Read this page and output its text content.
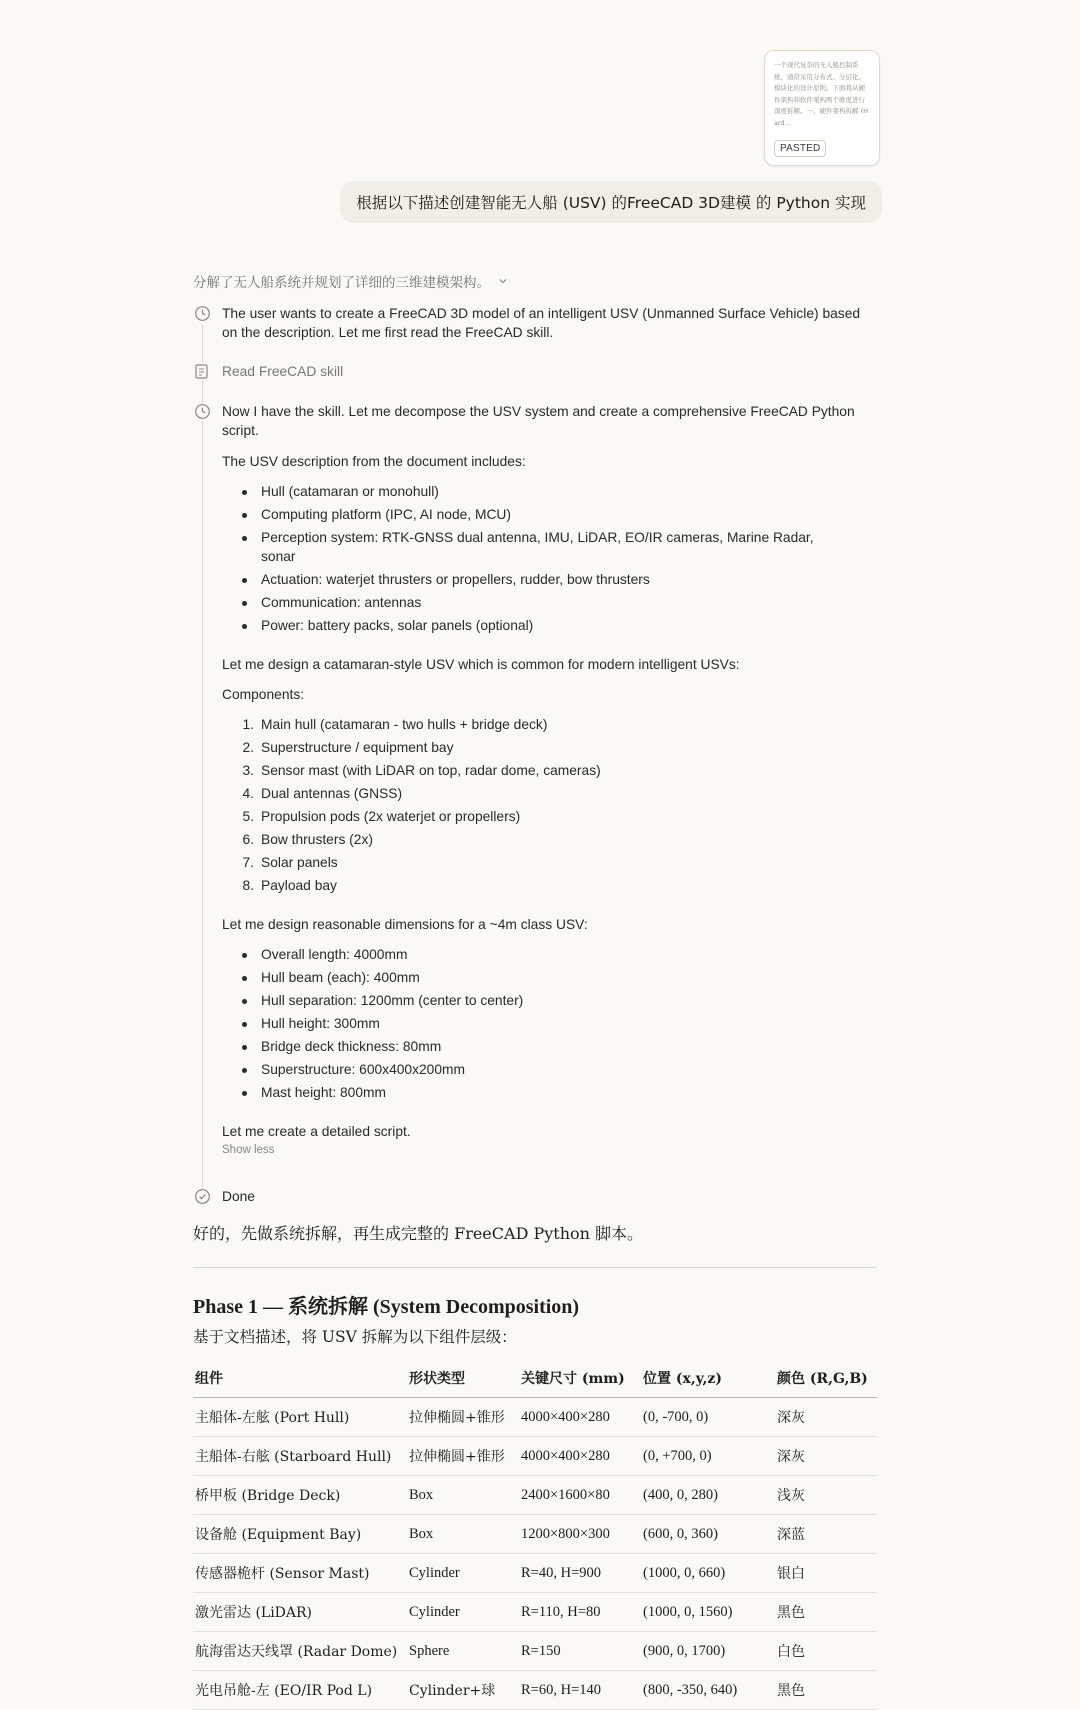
一个现代复杂的无人船控制系统，通常采用分布式、分层化、模块化的设计原则。下面将从硬件架构和软件架构两个维度进行深度拆解。一、硬件架构拆解 (Hard...
PASTED
根据以下描述创建智能无人船 (USV) 的FreeCAD 3D建模 的 Python 实现
分解了无人船系统并规划了详细的三维建模架构。
The user wants to create a FreeCAD 3D model of an intelligent USV (Unmanned Surface Vehicle) based on the description. Let me first read the FreeCAD skill.
Read FreeCAD skill

Now I have the skill. Let me decompose the USV system and create a comprehensive FreeCAD Python script.

The USV description from the document includes:

Hull (catamaran or monohull)
Computing platform (IPC, AI node, MCU)
Perception system: RTK-GNSS dual antenna, IMU, LiDAR, EO/IR cameras, Marine Radar, sonar
Actuation: waterjet thrusters or propellers, rudder, bow thrusters
Communication: antennas
Power: battery packs, solar panels (optional)

Let me design a catamaran-style USV which is common for modern intelligent USVs:

Components:

1. Main hull (catamaran - two hulls + bridge deck)
2. Superstructure / equipment bay
3. Sensor mast (with LiDAR on top, radar dome, cameras)
4. Dual antennas (GNSS)
5. Propulsion pods (2x waterjet or propellers)
6. Bow thrusters (2x)
7. Solar panels
8. Payload bay

Let me design reasonable dimensions for a ~4m class USV:

Overall length: 4000mm
Hull beam (each): 400mm
Hull separation: 1200mm (center to center)
Hull height: 300mm
Bridge deck thickness: 80mm
Superstructure: 600x400x200mm
Mast height: 800mm

Let me create a detailed script.

Show less

Done
好的，先做系统拆解，再生成完整的 FreeCAD Python 脚本。
Phase 1 — 系统拆解 (System Decomposition)
基于文档描述，将 USV 拆解为以下组件层级：
组件	形状类型	关键尺寸 (mm)	位置 (x,y,z)	颜色 (R,G,B)
主船体-左舷 (Port Hull)	拉伸椭圆+锥形	4000×400×280	(0, -700, 0)	深灰
主船体-右舷 (Starboard Hull)	拉伸椭圆+锥形	4000×400×280	(0, +700, 0)	深灰
桥甲板 (Bridge Deck)	Box	2400×1600×80	(400, 0, 280)	浅灰
设备舱 (Equipment Bay)	Box	1200×800×300	(600, 0, 360)	深蓝
传感器桅杆 (Sensor Mast)	Cylinder	R=40, H=900	(1000, 0, 660)	银白
激光雷达 (LiDAR)	Cylinder	R=110, H=80	(1000, 0, 1560)	黑色
航海雷达天线罩 (Radar Dome)	Sphere	R=150	(900, 0, 1700)	白色
光电吊舱-左 (EO/IR Pod L)	Cylinder+球	R=60, H=140	(800, -350, 640)	黑色
